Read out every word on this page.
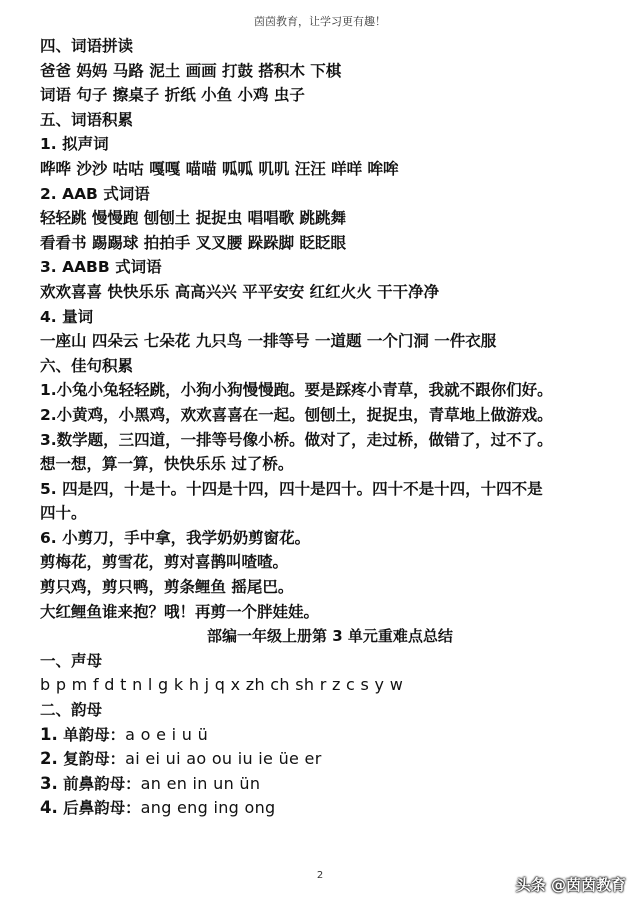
茵茵教育，让学习更有趣！
四、词语拼读
爸爸 妈妈 马路 泥土 画画 打鼓 搭积木 下棋
词语 句子 擦桌子 折纸 小鱼 小鸡 虫子
五、词语积累
1. 拟声词
哗哗 沙沙 咕咕 嘎嘎 喵喵 呱呱 叽叽 汪汪 咩咩 哞哞
2. AAB 式词语
轻轻跳 慢慢跑 刨刨土 捉捉虫 唱唱歌 跳跳舞
看看书 踢踢球 拍拍手 叉叉腰 跺跺脚 眨眨眼
3. AABB 式词语
欢欢喜喜 快快乐乐 高高兴兴 平平安安 红红火火 干干净净
4. 量词
一座山 四朵云 七朵花 九只鸟 一排等号 一道题 一个门洞 一件衣服
六、佳句积累
1.小兔小兔轻轻跳，小狗小狗慢慢跑。要是踩疼小青草，我就不跟你们好。
2.小黄鸡，小黑鸡，欢欢喜喜在一起。刨刨土，捉捉虫，青草地上做游戏。
3.数学题，三四道，一排等号像小桥。做对了，走过桥，做错了，过不了。
想一想，算一算，快快乐乐 过了桥。
5. 四是四，十是十。十四是十四，四十是四十。四十不是十四，十四不是
四十。
6. 小剪刀，手中拿，我学奶奶剪窗花。
剪梅花，剪雪花，剪对喜鹊叫喳喳。
剪只鸡，剪只鸭，剪条鲤鱼 摇尾巴。
大红鲤鱼谁来抱？哦！再剪一个胖娃娃。
部编一年级上册第 3 单元重难点总结
一、声母
b p m f d t n l g k h j q x zh ch sh r z c s y w
二、韵母
1. 单韵母：a o e i u ü
2. 复韵母：ai ei ui ao ou iu ie üe er
3. 前鼻韵母：an en in un ün
4. 后鼻韵母：ang eng ing ong
2
头条 @茵茵教育
